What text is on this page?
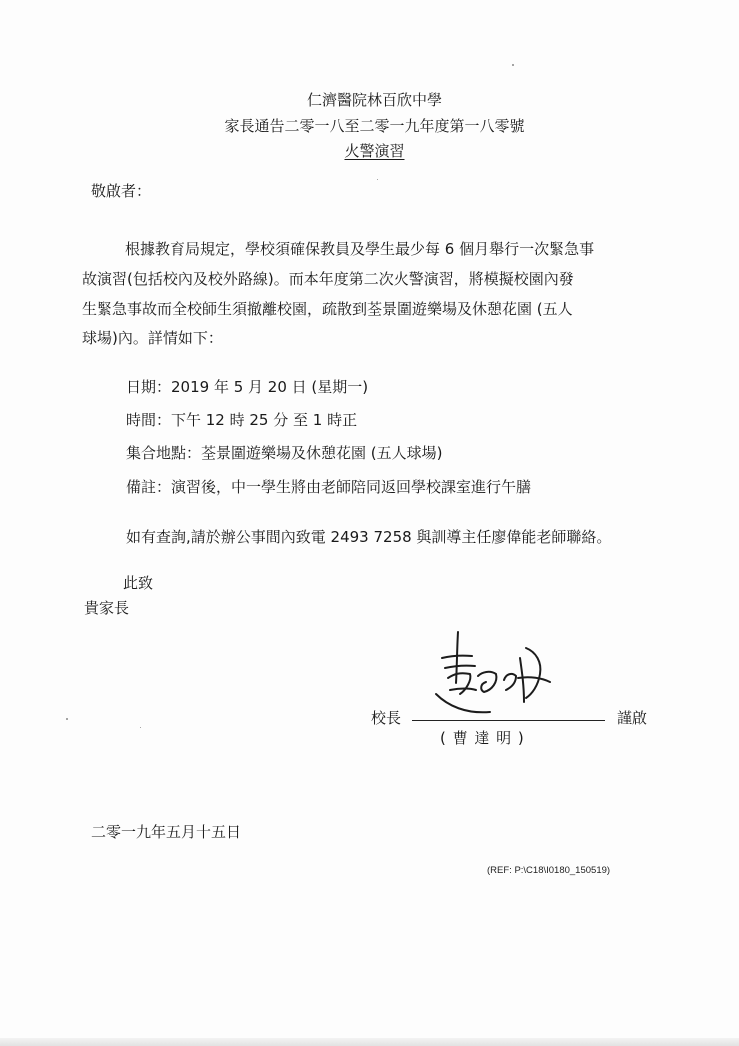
仁濟醫院林百欣中學
家長通告二零一八至二零一九年度第一八零號
火警演習
敬啟者：
根據教育局規定，學校須確保教員及學生最少每 6 個月舉行一次緊急事
故演習(包括校內及校外路線)。而本年度第二次火警演習，將模擬校園內發
生緊急事故而全校師生須撤離校園，疏散到荃景圍遊樂場及休憩花園 (五人
球場)內。詳情如下：
日期：2019 年 5 月 20 日 (星期一)
時間：下午 12 時 25 分 至 1 時正
集合地點：荃景圍遊樂場及休憩花園 (五人球場)
備註：演習後，中一學生將由老師陪同返回學校課室進行午膳
如有查詢,請於辦公事間內致電 2493 7258 與訓導主任廖偉能老師聯絡。
此致
貴家長
校長	謹啟
( 曹 達 明 )
二零一九年五月十五日
(REF: P:\C18\I0180_150519)
